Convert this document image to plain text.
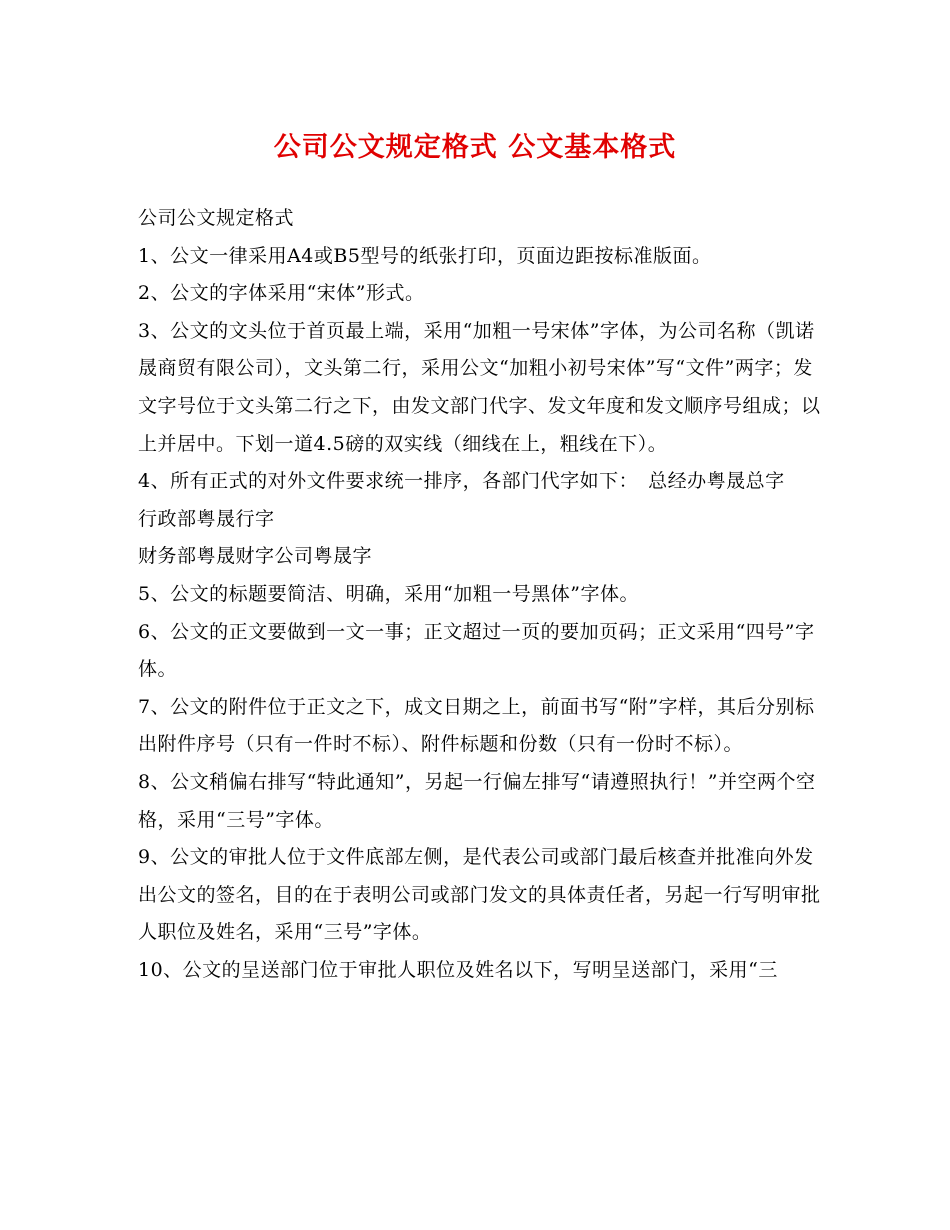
公司公文规定格式 公文基本格式

公司公文规定格式

1、公文一律采用A4或B5型号的纸张打印，页面边距按标准版面。

2、公文的字体采用“宋体”形式。

3、公文的文头位于首页最上端，采用“加粗一号宋体”字体，为公司名称（凯诺晟商贸有限公司），文头第二行，采用公文“加粗小初号宋体”写“文件”两字；发文字号位于文头第二行之下，由发文部门代字、发文年度和发文顺序号组成；以上并居中。下划一道4.5磅的双实线（细线在上，粗线在下）。

4、所有正式的对外文件要求统一排序，各部门代字如下：　总经办粤晟总字

行政部粤晟行字

财务部粤晟财字公司粤晟字

5、公文的标题要简洁、明确，采用“加粗一号黑体”字体。

6、公文的正文要做到一文一事；正文超过一页的要加页码；正文采用“四号”字体。

7、公文的附件位于正文之下，成文日期之上，前面书写“附”字样，其后分别标出附件序号（只有一件时不标）、附件标题和份数（只有一份时不标）。

8、公文稍偏右排写“特此通知”，另起一行偏左排写“请遵照执行！”并空两个空格，采用“三号”字体。

9、公文的审批人位于文件底部左侧，是代表公司或部门最后核查并批准向外发出公文的签名，目的在于表明公司或部门发文的具体责任者，另起一行写明审批人职位及姓名，采用“三号”字体。

10、公文的呈送部门位于审批人职位及姓名以下，写明呈送部门，采用“三
